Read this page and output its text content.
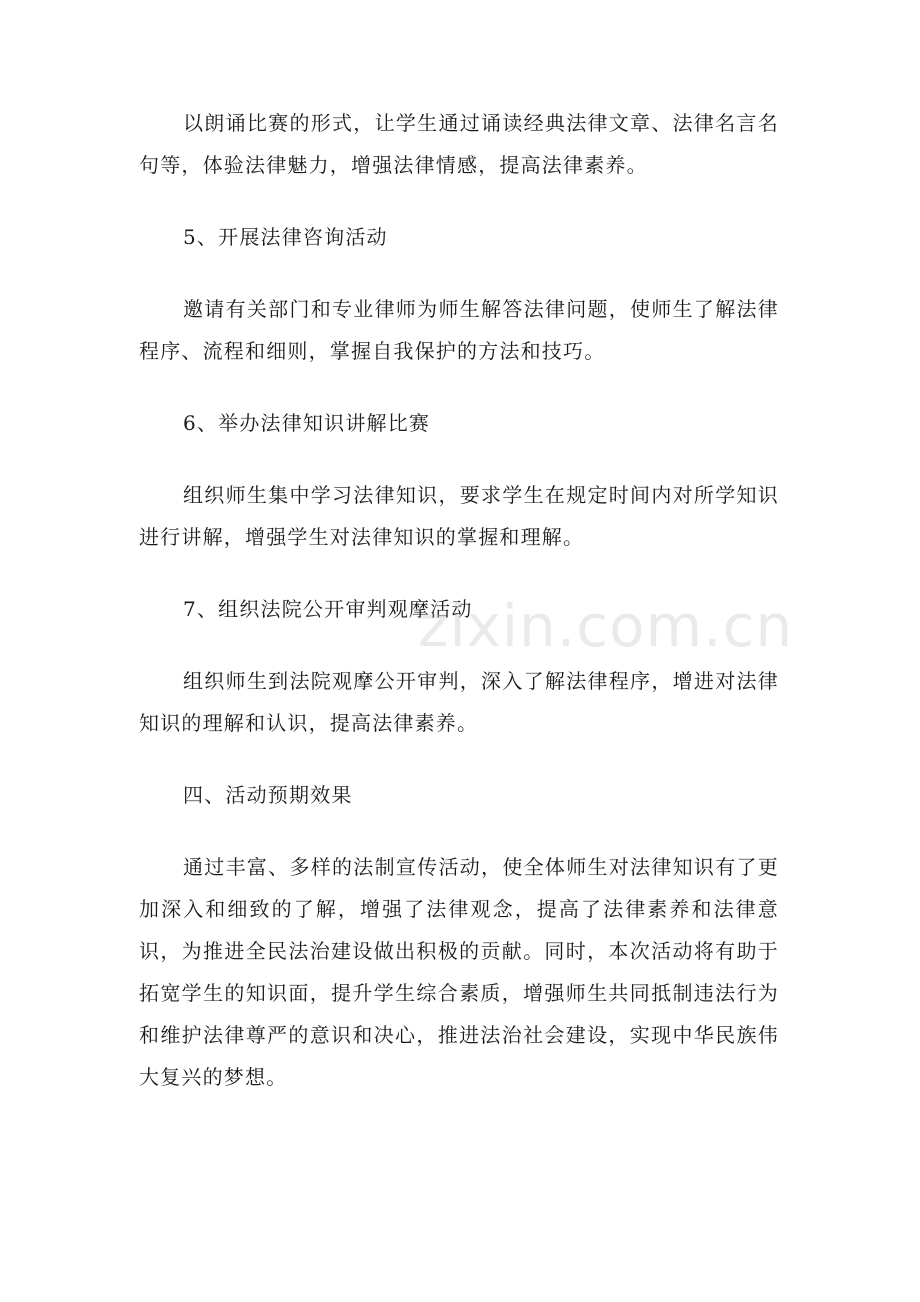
以朗诵比赛的形式，让学生通过诵读经典法律文章、法律名言名句等，体验法律魅力，增强法律情感，提高法律素养。

5、开展法律咨询活动

邀请有关部门和专业律师为师生解答法律问题，使师生了解法律程序、流程和细则，掌握自我保护的方法和技巧。

6、举办法律知识讲解比赛

组织师生集中学习法律知识，要求学生在规定时间内对所学知识进行讲解，增强学生对法律知识的掌握和理解。

7、组织法院公开审判观摩活动

组织师生到法院观摩公开审判，深入了解法律程序，增进对法律知识的理解和认识，提高法律素养。

四、活动预期效果

通过丰富、多样的法制宣传活动，使全体师生对法律知识有了更加深入和细致的了解，增强了法律观念，提高了法律素养和法律意识，为推进全民法治建设做出积极的贡献。同时，本次活动将有助于拓宽学生的知识面，提升学生综合素质，增强师生共同抵制违法行为和维护法律尊严的意识和决心，推进法治社会建设，实现中华民族伟大复兴的梦想。

zixin.com.cn
